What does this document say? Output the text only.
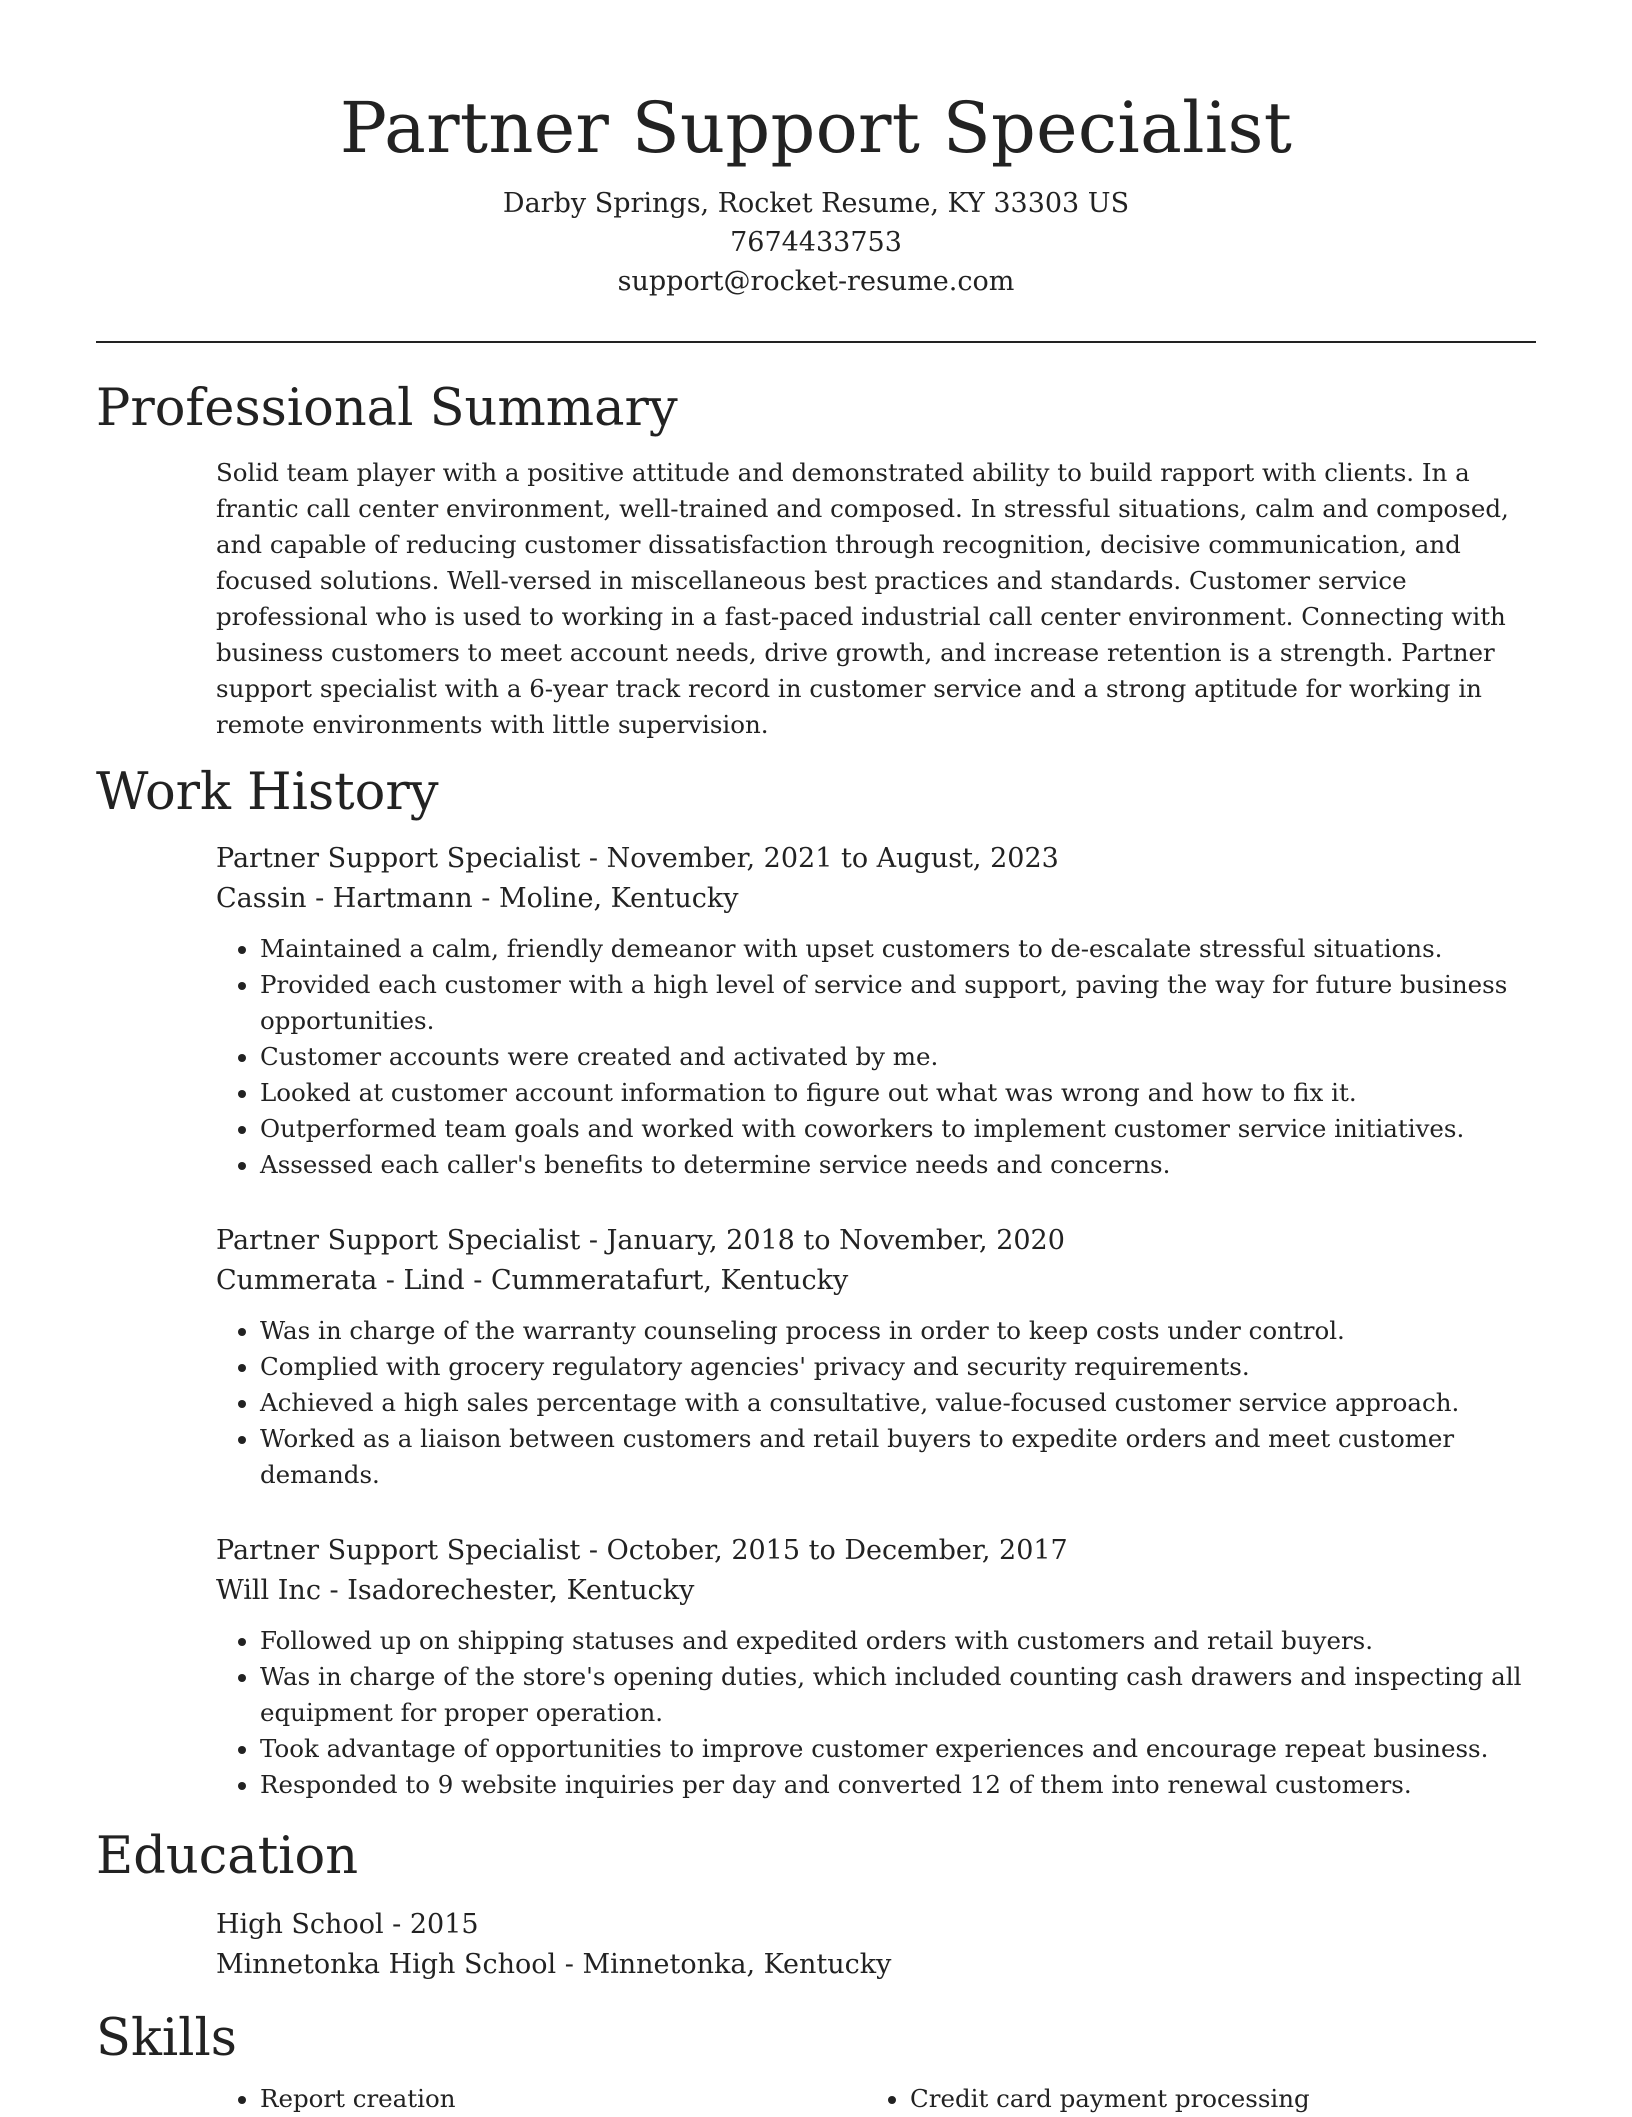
Partner Support Specialist
Darby Springs, Rocket Resume, KY 33303 US
7674433753
support@rocket-resume.com
Professional Summary
Solid team player with a positive attitude and demonstrated ability to build rapport with clients. In a frantic call center environment, well-trained and composed. In stressful situations, calm and composed, and capable of reducing customer dissatisfaction through recognition, decisive communication, and focused solutions. Well-versed in miscellaneous best practices and standards. Customer service professional who is used to working in a fast-paced industrial call center environment. Connecting with business customers to meet account needs, drive growth, and increase retention is a strength. Partner support specialist with a 6-year track record in customer service and a strong aptitude for working in remote environments with little supervision.
Work History
Partner Support Specialist - November, 2021 to August, 2023
Cassin - Hartmann - Moline, Kentucky
• Maintained a calm, friendly demeanor with upset customers to de-escalate stressful situations.
• Provided each customer with a high level of service and support, paving the way for future business opportunities.
• Customer accounts were created and activated by me.
• Looked at customer account information to figure out what was wrong and how to fix it.
• Outperformed team goals and worked with coworkers to implement customer service initiatives.
• Assessed each caller's benefits to determine service needs and concerns.
Partner Support Specialist - January, 2018 to November, 2020
Cummerata - Lind - Cummeratafurt, Kentucky
• Was in charge of the warranty counseling process in order to keep costs under control.
• Complied with grocery regulatory agencies' privacy and security requirements.
• Achieved a high sales percentage with a consultative, value-focused customer service approach.
• Worked as a liaison between customers and retail buyers to expedite orders and meet customer demands.
Partner Support Specialist - October, 2015 to December, 2017
Will Inc - Isadorechester, Kentucky
• Followed up on shipping statuses and expedited orders with customers and retail buyers.
• Was in charge of the store's opening duties, which included counting cash drawers and inspecting all equipment for proper operation.
• Took advantage of opportunities to improve customer experiences and encourage repeat business.
• Responded to 9 website inquiries per day and converted 12 of them into renewal customers.
Education
High School - 2015
Minnetonka High School - Minnetonka, Kentucky
Skills
• Report creation
•	Credit card payment processing
